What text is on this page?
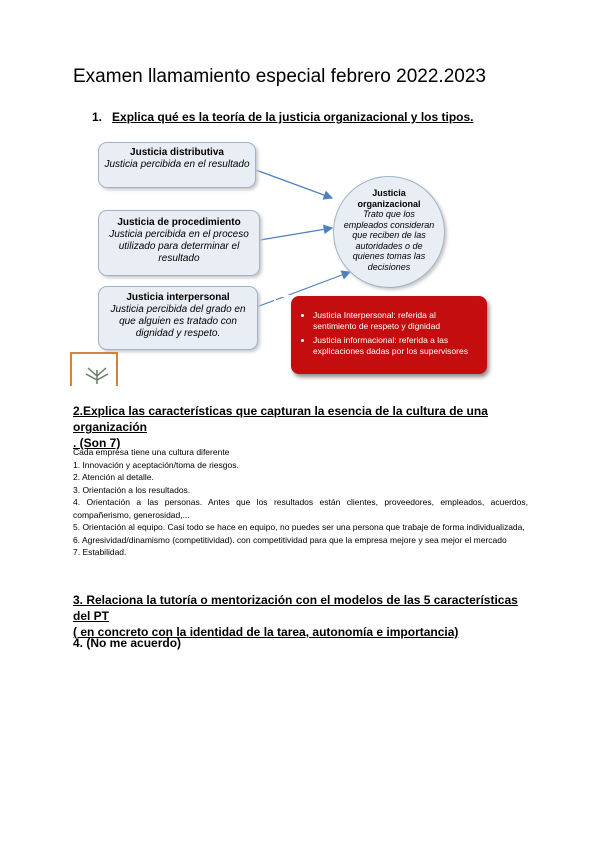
Examen llamamiento especial febrero 2022.2023
1. Explica qué es la teoría de la justicia organizacional y los tipos.
Justicia distributiva
Justicia percibida en el resultado
Justicia de procedimiento
Justicia percibida en el proceso utilizado para determinar el resultado
Justicia interpersonal
Justicia percibida del grado en que alguien es tratado con dignidad y respeto.
Justicia organizacional
Trato que los empleados consideran que reciben de las autoridades o de quienes tomas las decisiones
• Justicia Interpersonal: referida al sentimiento de respeto y dignidad
• Justicia informacional: referida a las explicaciones dadas por los supervisores
2.Explica las características que capturan la esencia de la cultura de una organización
. (Son 7)

Cada empresa tiene una cultura diferente

1. Innovación y aceptación/toma de riesgos.

2. Atención al detalle.

3. Orientación a los resultados.

4. Orientación a las personas. Antes que los resultados están clientes, proveedores, empleados, acuerdos, compañerismo, generosidad,...

5. Orientación al equipo. Casi todo se hace en equipo, no puedes ser una persona que trabaje de forma individualizada,

6. Agresividad/dinamismo (competitividad). con competitividad para que la empresa mejore y sea mejor el mercado

7. Estabilidad.

3. Relaciona la tutoría o mentorización con el modelos de las 5 características del PT
( en concreto con la identidad de la tarea, autonomía e importancia)
4. (No me acuerdo)
